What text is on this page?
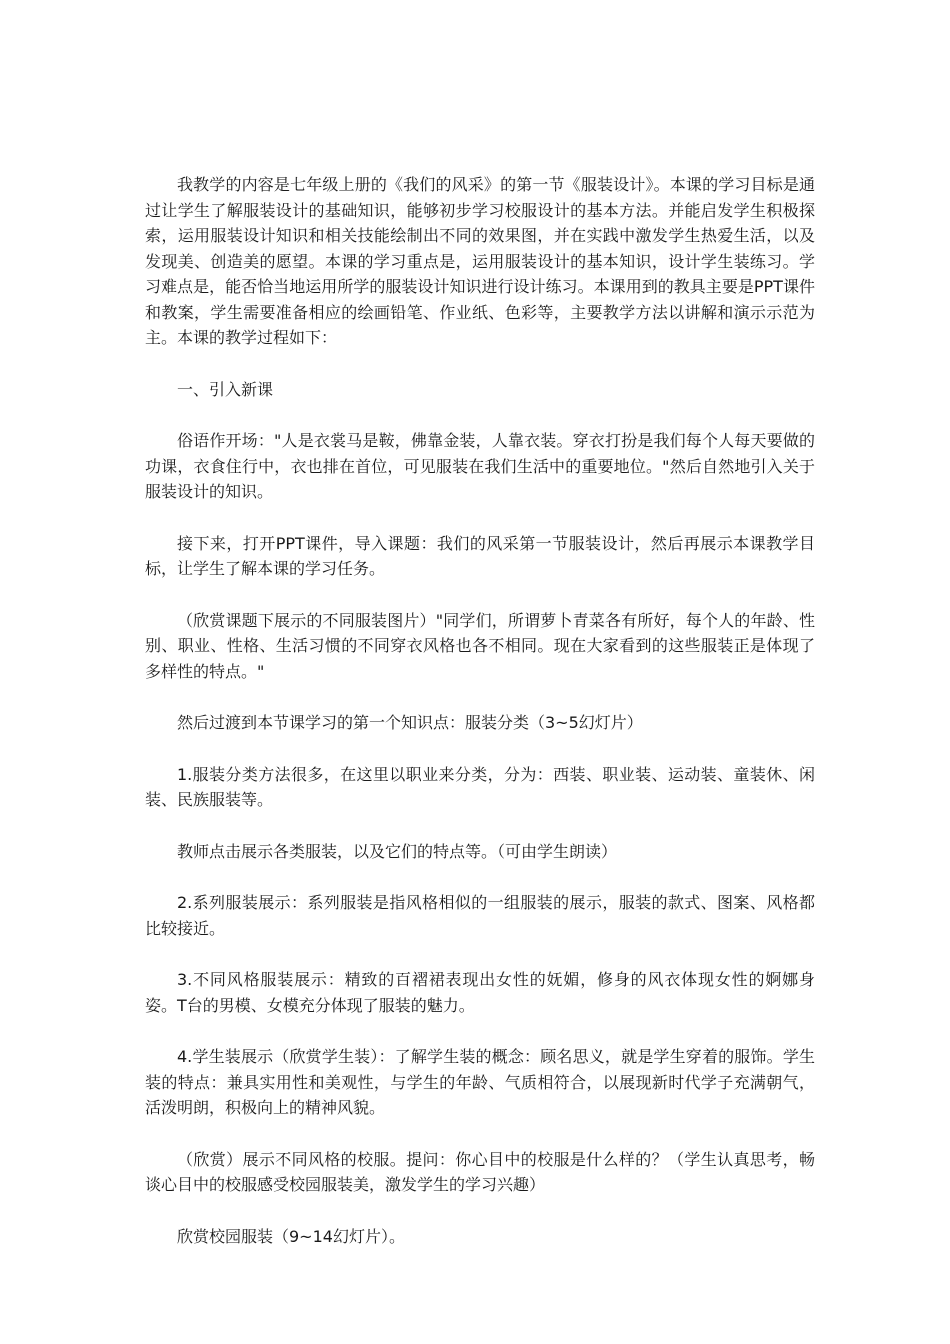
我教学的内容是七年级上册的《我们的风采》的第一节《服装设计》。本课的学习目标是通过让学生了解服装设计的基础知识，能够初步学习校服设计的基本方法。并能启发学生积极探索，运用服装设计知识和相关技能绘制出不同的效果图，并在实践中激发学生热爱生活，以及发现美、创造美的愿望。本课的学习重点是，运用服装设计的基本知识，设计学生装练习。学习难点是，能否恰当地运用所学的服装设计知识进行设计练习。本课用到的教具主要是PPT课件和教案，学生需要准备相应的绘画铅笔、作业纸、色彩等，主要教学方法以讲解和演示示范为主。本课的教学过程如下：

一、引入新课

俗语作开场："人是衣裳马是鞍，佛靠金装，人靠衣装。穿衣打扮是我们每个人每天要做的功课，衣食住行中，衣也排在首位，可见服装在我们生活中的重要地位。"然后自然地引入关于服装设计的知识。

接下来，打开PPT课件，导入课题：我们的风采第一节服装设计，然后再展示本课教学目标，让学生了解本课的学习任务。

（欣赏课题下展示的不同服装图片）"同学们，所谓萝卜青菜各有所好，每个人的年龄、性别、职业、性格、生活习惯的不同穿衣风格也各不相同。现在大家看到的这些服装正是体现了多样性的特点。"

然后过渡到本节课学习的第一个知识点：服装分类（3~5幻灯片）

1.服装分类方法很多，在这里以职业来分类，分为：西装、职业装、运动装、童装休、闲装、民族服装等。

教师点击展示各类服装，以及它们的特点等。（可由学生朗读）

2.系列服装展示：系列服装是指风格相似的一组服装的展示，服装的款式、图案、风格都比较接近。

3.不同风格服装展示：精致的百褶裙表现出女性的妩媚，修身的风衣体现女性的婀娜身姿。T台的男模、女模充分体现了服装的魅力。

4.学生装展示（欣赏学生装）：了解学生装的概念：顾名思义，就是学生穿着的服饰。学生装的特点：兼具实用性和美观性，与学生的年龄、气质相符合，以展现新时代学子充满朝气，活泼明朗，积极向上的精神风貌。

（欣赏）展示不同风格的校服。提问：你心目中的校服是什么样的？（学生认真思考，畅谈心目中的校服感受校园服装美，激发学生的学习兴趣）

欣赏校园服装（9~14幻灯片）。
